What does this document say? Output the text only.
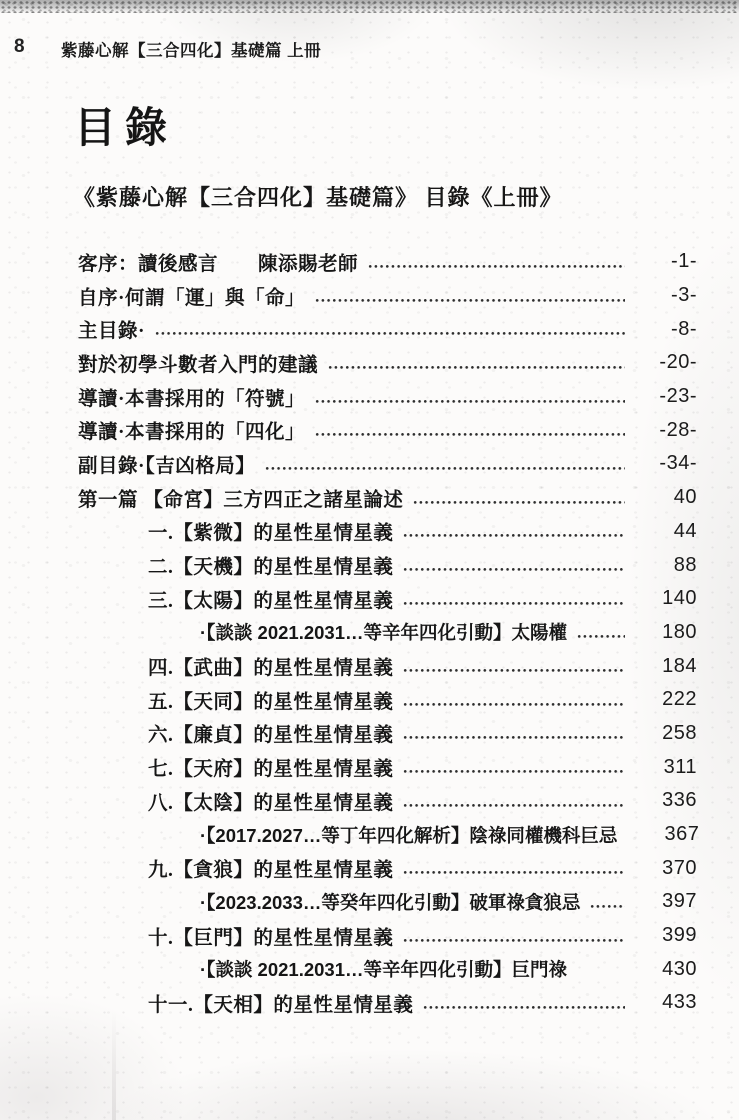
8 紫藤心解【三合四化】基礎篇 上冊
目錄
《紫藤心解【三合四化】基礎篇》 目錄《上冊》
客序：讀後感言　　陳添賜老師	-1-
自序·何謂「運」與「命」	-3-
主目錄·	-8-
對於初學斗數者入門的建議	-20-
導讀·本書採用的「符號」	-23-
導讀·本書採用的「四化」	-28-
副目錄·【吉凶格局】	-34-
第一篇 【命宮】三方四正之諸星論述	40
一.【紫微】的星性星情星義	44
二.【天機】的星性星情星義	88
三.【太陽】的星性星情星義	140
·【談談 2021.2031…等辛年四化引動】太陽權	180
四.【武曲】的星性星情星義	184
五.【天同】的星性星情星義	222
六.【廉貞】的星性星情星義	258
七.【天府】的星性星情星義	311
八.【太陰】的星性星情星義	336
·【2017.2027…等丁年四化解析】陰祿同權機科巨忌	367
九.【貪狼】的星性星情星義	370
·【2023.2033…等癸年四化引動】破軍祿貪狼忌	397
十.【巨門】的星性星情星義	399
·【談談 2021.2031…等辛年四化引動】巨門祿	430
十一.【天相】的星性星情星義	433
